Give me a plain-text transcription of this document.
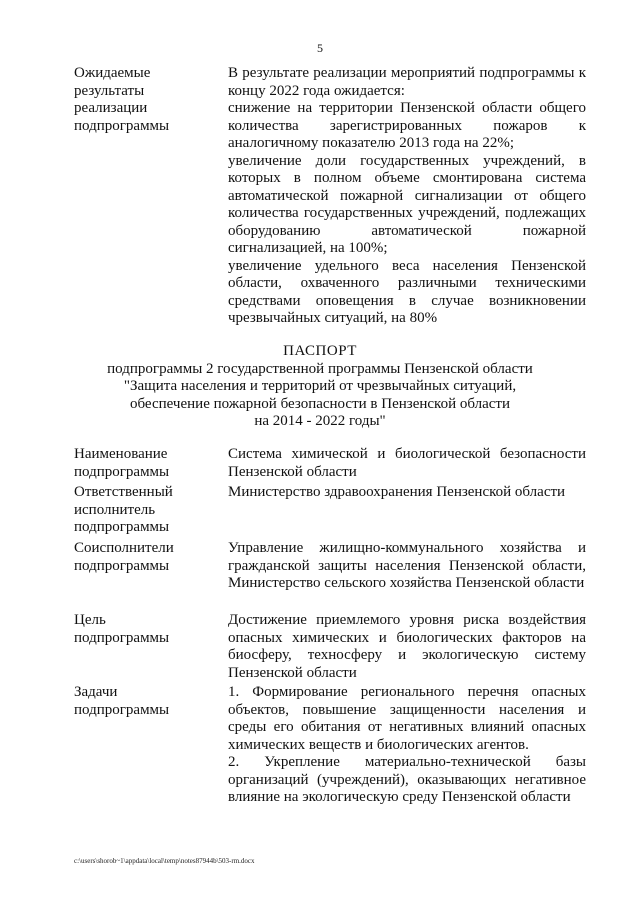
5
Ожидаемые
результаты
реализации
подпрограммы

В результате реализации мероприятий подпрограммы к концу 2022 года ожидается:

снижение на территории Пензенской области общего количества зарегистрированных пожаров к аналогичному показателю 2013 года на 22%;

увеличение доли государственных учреждений, в которых в полном объеме смонтирована система автоматической пожарной сигнализации от общего количества государственных учреждений, подлежащих оборудованию автоматической пожарной сигнализацией, на 100%;

увеличение удельного веса населения Пензенской области, охваченного различными техническими средствами оповещения в случае возникновении чрезвычайных ситуаций, на 80%

ПАСПОРТ
подпрограммы 2 государственной программы Пензенской области
"Защита населения и территорий от чрезвычайных ситуаций,
обеспечение пожарной безопасности в Пензенской области
на 2014 - 2022 годы"
Наименование
подпрограммы

Система химической и биологической безопасности Пензенской области

Ответственный
исполнитель
подпрограммы

Министерство здравоохранения Пензенской области

Соисполнители
подпрограммы

Управление жилищно-коммунального хозяйства и гражданской защиты населения Пензенской области, Министерство сельского хозяйства Пензенской области

Цель
подпрограммы

Достижение приемлемого уровня риска воздействия опасных химических и биологических факторов на биосферу, техносферу и экологическую систему Пензенской области

Задачи
подпрограммы

1. Формирование регионального перечня опасных объектов, повышение защищенности населения и среды его обитания от негативных влияний опасных химических веществ и биологических агентов.

2. Укрепление материально-технической базы организаций (учреждений), оказывающих негативное влияние на экологическую среду Пензенской области

c:\users\shorob~1\appdata\local\temp\notes87944b\503-rm.docx
